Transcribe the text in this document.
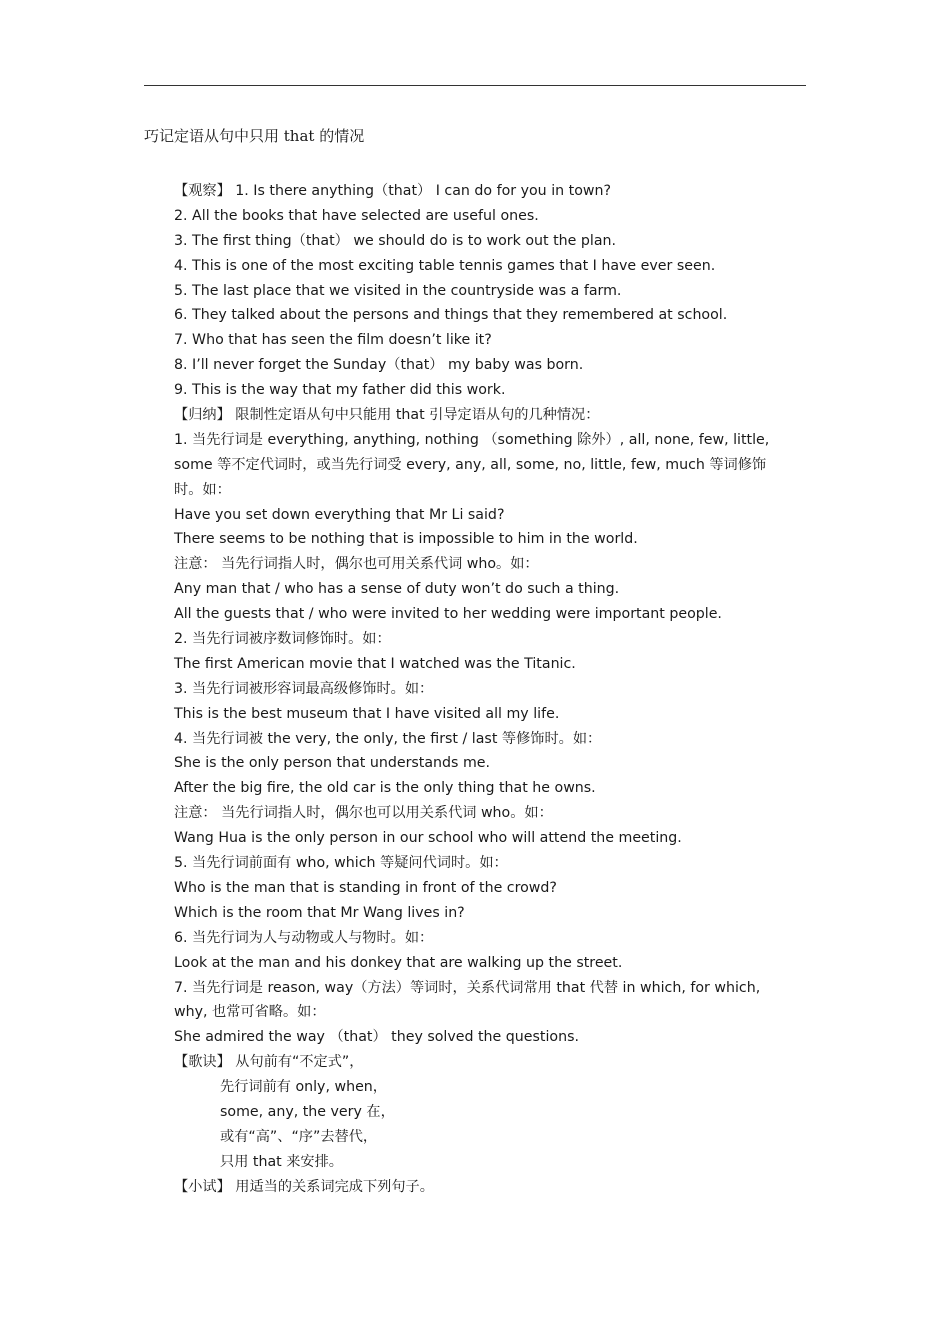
巧记定语从句中只用 that 的情况
【观察】 1. Is there anything（that） I can do for you in town?
2. All the books that have selected are useful ones.
3. The first thing（that） we should do is to work out the plan.
4. This is one of the most exciting table tennis games that I have ever seen.
5. The last place that we visited in the countryside was a farm.
6. They talked about the persons and things that they remembered at school.
7. Who that has seen the film doesn’t like it?
8. I’ll never forget the Sunday（that） my baby was born.
9. This is the way that my father did this work.
【归纳】 限制性定语从句中只能用 that 引导定语从句的几种情况：
1. 当先行词是 everything, anything, nothing （something 除外）, all, none, few, little,
some 等不定代词时，或当先行词受 every, any, all, some, no, little, few, much 等词修饰
时。如：
Have you set down everything that Mr Li said?
There seems to be nothing that is impossible to him in the world.
注意： 当先行词指人时，偶尔也可用关系代词 who。如：
Any man that / who has a sense of duty won’t do such a thing.
All the guests that / who were invited to her wedding were important people.
2. 当先行词被序数词修饰时。如：
The first American movie that I watched was the Titanic.
3. 当先行词被形容词最高级修饰时。如：
This is the best museum that I have visited all my life.
4. 当先行词被 the very, the only, the first / last 等修饰时。如：
She is the only person that understands me.
After the big fire, the old car is the only thing that he owns.
注意： 当先行词指人时，偶尔也可以用关系代词 who。如：
Wang Hua is the only person in our school who will attend the meeting.
5. 当先行词前面有 who, which 等疑问代词时。如：
Who is the man that is standing in front of the crowd?
Which is the room that Mr Wang lives in?
6. 当先行词为人与动物或人与物时。如：
Look at the man and his donkey that are walking up the street.
7. 当先行词是 reason, way（方法）等词时，关系代词常用 that 代替 in which, for which,
why, 也常可省略。如：
She admired the way （that） they solved the questions.
【歌诀】 从句前有“不定式”，
先行词前有 only, when，
some, any, the very 在，
或有“高”、“序”去替代，
只用 that 来安排。
【小试】 用适当的关系词完成下列句子。
